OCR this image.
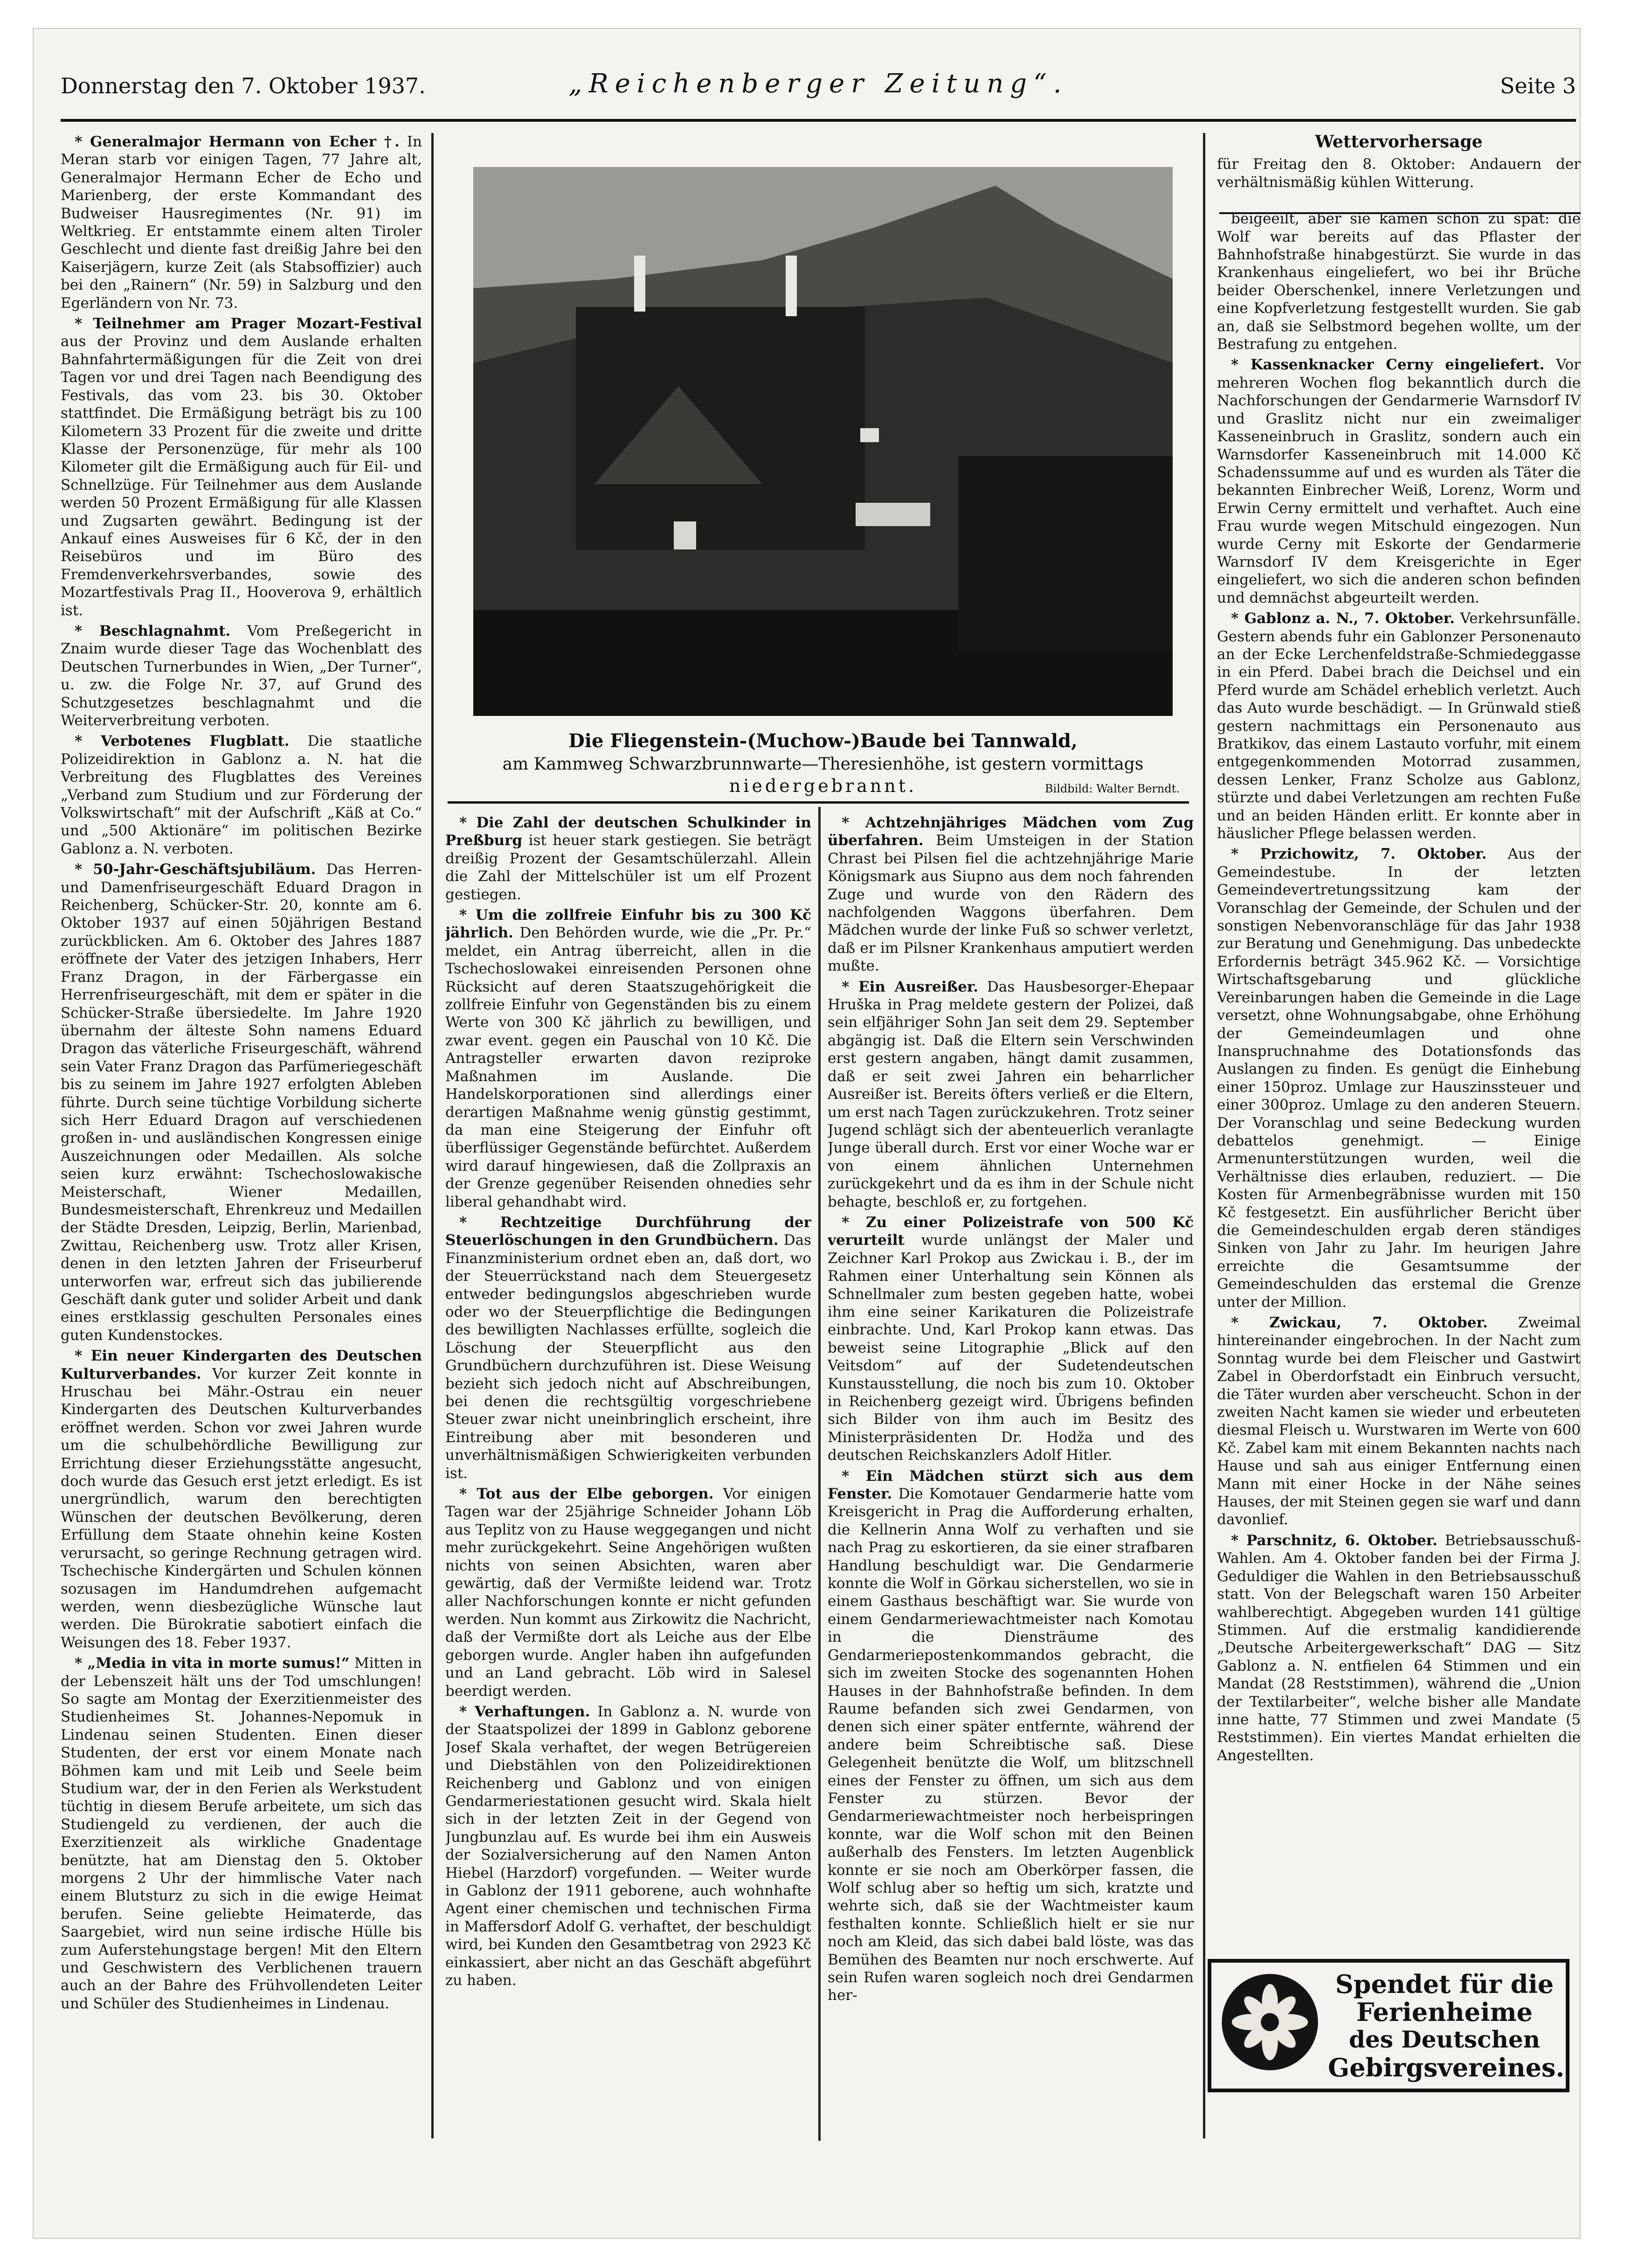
Donnerstag den 7. Oktober 1937.	„Reichenberger Zeitung“.	Seite 3

* Generalmajor Hermann von Echer †. In Meran starb vor einigen Tagen, 77 Jahre alt, Generalmajor Hermann Echer de Echo und Marienberg, der erste Kommandant des Budweiser Hausregimentes (Nr. 91) im Weltkrieg. Er entstammte einem alten Tiroler Geschlecht und diente fast dreißig Jahre bei den Kaiserjägern, kurze Zeit (als Stabsoffizier) auch bei den „Rainern“ (Nr. 59) in Salzburg und den Egerländern von Nr. 73.

* Teilnehmer am Prager Mozart-Festival aus der Provinz und dem Auslande erhalten Bahnfahrtermäßigungen für die Zeit von drei Tagen vor und drei Tagen nach Beendigung des Festivals, das vom 23. bis 30. Oktober stattfindet. Die Ermäßigung beträgt bis zu 100 Kilometern 33 Prozent für die zweite und dritte Klasse der Personenzüge, für mehr als 100 Kilometer gilt die Ermäßigung auch für Eil- und Schnellzüge. Für Teilnehmer aus dem Auslande werden 50 Prozent Ermäßigung für alle Klassen und Zugsarten gewährt. Bedingung ist der Ankauf eines Ausweises für 6 Kč, der in den Reisebüros und im Büro des Fremdenverkehrsverbandes, sowie des Mozartfestivals Prag II., Hooverova 9, erhältlich ist.

* Beschlagnahmt. Vom Preßegericht in Znaim wurde dieser Tage das Wochenblatt des Deutschen Turnerbundes in Wien, „Der Turner“, u. zw. die Folge Nr. 37, auf Grund des Schutzgesetzes beschlagnahmt und die Weiterverbreitung verboten.

* Verbotenes Flugblatt. Die staatliche Polizeidirektion in Gablonz a. N. hat die Verbreitung des Flugblattes des Vereines „Verband zum Studium und zur Förderung der Volkswirtschaft“ mit der Aufschrift „Käß at Co.“ und „500 Aktionäre“ im politischen Bezirke Gablonz a. N. verboten.

* 50-Jahr-Geschäftsjubiläum. Das Herren- und Damenfriseurgeschäft Eduard Dragon in Reichenberg, Schücker-Str. 20, konnte am 6. Oktober 1937 auf einen 50jährigen Bestand zurückblicken. Am 6. Oktober des Jahres 1887 eröffnete der Vater des jetzigen Inhabers, Herr Franz Dragon, in der Färbergasse ein Herrenfriseurgeschäft, mit dem er später in die Schücker-Straße übersiedelte. Im Jahre 1920 übernahm der älteste Sohn namens Eduard Dragon das väterliche Friseurgeschäft, während sein Vater Franz Dragon das Parfümeriegeschäft bis zu seinem im Jahre 1927 erfolgten Ableben führte. Durch seine tüchtige Vorbildung sicherte sich Herr Eduard Dragon auf verschiedenen großen in- und ausländischen Kongressen einige Auszeichnungen oder Medaillen. Als solche seien kurz erwähnt: Tschechoslowakische Meisterschaft, Wiener Medaillen, Bundesmeisterschaft, Ehrenkreuz und Medaillen der Städte Dresden, Leipzig, Berlin, Marienbad, Zwittau, Reichenberg usw. Trotz aller Krisen, denen in den letzten Jahren der Friseurberuf unterworfen war, erfreut sich das jubilierende Geschäft dank guter und solider Arbeit und dank eines erstklassig geschulten Personales eines guten Kundenstockes.

* Ein neuer Kindergarten des Deutschen Kulturverbandes. Vor kurzer Zeit konnte in Hruschau bei Mähr.-Ostrau ein neuer Kindergarten des Deutschen Kulturverbandes eröffnet werden. Schon vor zwei Jahren wurde um die schulbehördliche Bewilligung zur Errichtung dieser Erziehungsstätte angesucht, doch wurde das Gesuch erst jetzt erledigt. Es ist unergründlich, warum den berechtigten Wünschen der deutschen Bevölkerung, deren Erfüllung dem Staate ohnehin keine Kosten verursacht, so geringe Rechnung getragen wird. Tschechische Kindergärten und Schulen können sozusagen im Handumdrehen aufgemacht werden, wenn diesbezügliche Wünsche laut werden. Die Bürokratie sabotiert einfach die Weisungen des 18. Feber 1937.

* „Media in vita in morte sumus!“ Mitten in der Lebenszeit hält uns der Tod umschlungen! So sagte am Montag der Exerzitienmeister des Studienheimes St. Johannes-Nepomuk in Lindenau seinen Studenten. Einen dieser Studenten, der erst vor einem Monate nach Böhmen kam und mit Leib und Seele beim Studium war, der in den Ferien als Werkstudent tüchtig in diesem Berufe arbeitete, um sich das Studiengeld zu verdienen, der auch die Exerzitienzeit als wirkliche Gnadentage benützte, hat am Dienstag den 5. Oktober morgens 2 Uhr der himmlische Vater nach einem Blutsturz zu sich in die ewige Heimat berufen. Seine geliebte Heimaterde, das Saargebiet, wird nun seine irdische Hülle bis zum Auferstehungstage bergen! Mit den Eltern und Geschwistern des Verblichenen trauern auch an der Bahre des Frühvollendeten Leiter und Schüler des Studienheimes in Lindenau.

Die Fliegenstein-(Muchow-)Baude bei Tannwald,
am Kammweg Schwarzbrunnwarte—Theresienhöhe, ist gestern vormittags
niedergebrannt.	Bildbild: Walter Berndt.

* Die Zahl der deutschen Schulkinder in Preßburg ist heuer stark gestiegen. Sie beträgt dreißig Prozent der Gesamtschülerzahl. Allein die Zahl der Mittelschüler ist um elf Prozent gestiegen.

* Um die zollfreie Einfuhr bis zu 300 Kč jährlich. Den Behörden wurde, wie die „Pr. Pr.“ meldet, ein Antrag überreicht, allen in die Tschechoslowakei einreisenden Personen ohne Rücksicht auf deren Staatszugehörigkeit die zollfreie Einfuhr von Gegenständen bis zu einem Werte von 300 Kč jährlich zu bewilligen, und zwar event. gegen ein Pauschal von 10 Kč. Die Antragsteller erwarten davon reziproke Maßnahmen im Auslande. Die Handelskorporationen sind allerdings einer derartigen Maßnahme wenig günstig gestimmt, da man eine Steigerung der Einfuhr oft überflüssiger Gegenstände befürchtet. Außerdem wird darauf hingewiesen, daß die Zollpraxis an der Grenze gegenüber Reisenden ohnedies sehr liberal gehandhabt wird.

* Rechtzeitige Durchführung der Steuerlöschungen in den Grundbüchern. Das Finanzministerium ordnet eben an, daß dort, wo der Steuerrückstand nach dem Steuergesetz entweder bedingungslos abgeschrieben wurde oder wo der Steuerpflichtige die Bedingungen des bewilligten Nachlasses erfüllte, sogleich die Löschung der Steuerpflicht aus den Grundbüchern durchzuführen ist. Diese Weisung bezieht sich jedoch nicht auf Abschreibungen, bei denen die rechtsgültig vorgeschriebene Steuer zwar nicht uneinbringlich erscheint, ihre Eintreibung aber mit besonderen und unverhältnismäßigen Schwierigkeiten verbunden ist.

* Tot aus der Elbe geborgen. Vor einigen Tagen war der 25jährige Schneider Johann Löb aus Teplitz von zu Hause weggegangen und nicht mehr zurückgekehrt. Seine Angehörigen wußten nichts von seinen Absichten, waren aber gewärtig, daß der Vermißte leidend war. Trotz aller Nachforschungen konnte er nicht gefunden werden. Nun kommt aus Zirkowitz die Nachricht, daß der Vermißte dort als Leiche aus der Elbe geborgen wurde. Angler haben ihn aufgefunden und an Land gebracht. Löb wird in Salesel beerdigt werden.

* Verhaftungen. In Gablonz a. N. wurde von der Staatspolizei der 1899 in Gablonz geborene Josef Skala verhaftet, der wegen Betrügereien und Diebstählen von den Polizeidirektionen Reichenberg und Gablonz und von einigen Gendarmeriestationen gesucht wird. Skala hielt sich in der letzten Zeit in der Gegend von Jungbunzlau auf. Es wurde bei ihm ein Ausweis der Sozialversicherung auf den Namen Anton Hiebel (Harzdorf) vorgefunden. — Weiter wurde in Gablonz der 1911 geborene, auch wohnhafte Agent einer chemischen und technischen Firma in Maffersdorf Adolf G. verhaftet, der beschuldigt wird, bei Kunden den Gesamtbetrag von 2923 Kč einkassiert, aber nicht an das Geschäft abgeführt zu haben.

* Achtzehnjähriges Mädchen vom Zug überfahren. Beim Umsteigen in der Station Chrast bei Pilsen fiel die achtzehnjährige Marie Königsmark aus Siupno aus dem noch fahrenden Zuge und wurde von den Rädern des nachfolgenden Waggons überfahren. Dem Mädchen wurde der linke Fuß so schwer verletzt, daß er im Pilsner Krankenhaus amputiert werden mußte.

* Ein Ausreißer. Das Hausbesorger-Ehepaar Hruška in Prag meldete gestern der Polizei, daß sein elfjähriger Sohn Jan seit dem 29. September abgängig ist. Daß die Eltern sein Verschwinden erst gestern angaben, hängt damit zusammen, daß er seit zwei Jahren ein beharrlicher Ausreißer ist. Bereits öfters verließ er die Eltern, um erst nach Tagen zurückzukehren. Trotz seiner Jugend schlägt sich der abenteuerlich veranlagte Junge überall durch. Erst vor einer Woche war er von einem ähnlichen Unternehmen zurückgekehrt und da es ihm in der Schule nicht behagte, beschloß er, zu fortgehen.

* Zu einer Polizeistrafe von 500 Kč verurteilt wurde unlängst der Maler und Zeichner Karl Prokop aus Zwickau i. B., der im Rahmen einer Unterhaltung sein Können als Schnellmaler zum besten gegeben hatte, wobei ihm eine seiner Karikaturen die Polizeistrafe einbrachte. Und, Karl Prokop kann etwas. Das beweist seine Litographie „Blick auf den Veitsdom“ auf der Sudetendeutschen Kunstausstellung, die noch bis zum 10. Oktober in Reichenberg gezeigt wird. Übrigens befinden sich Bilder von ihm auch im Besitz des Ministerpräsidenten Dr. Hodža und des deutschen Reichskanzlers Adolf Hitler.

* Ein Mädchen stürzt sich aus dem Fenster. Die Komotauer Gendarmerie hatte vom Kreisgericht in Prag die Aufforderung erhalten, die Kellnerin Anna Wolf zu verhaften und sie nach Prag zu eskortieren, da sie einer strafbaren Handlung beschuldigt war. Die Gendarmerie konnte die Wolf in Görkau sicherstellen, wo sie in einem Gasthaus beschäftigt war. Sie wurde von einem Gendarmeriewachtmeister nach Komotau in die Diensträume des Gendarmeriepostenkommandos gebracht, die sich im zweiten Stocke des sogenannten Hohen Hauses in der Bahnhofstraße befinden. In dem Raume befanden sich zwei Gendarmen, von denen sich einer später entfernte, während der andere beim Schreibtische saß. Diese Gelegenheit benützte die Wolf, um blitzschnell eines der Fenster zu öffnen, um sich aus dem Fenster zu stürzen. Bevor der Gendarmeriewachtmeister noch herbeispringen konnte, war die Wolf schon mit den Beinen außerhalb des Fensters. Im letzten Augenblick konnte er sie noch am Oberkörper fassen, die Wolf schlug aber so heftig um sich, kratzte und wehrte sich, daß sie der Wachtmeister kaum festhalten konnte. Schließlich hielt er sie nur noch am Kleid, das sich dabei bald löste, was das Bemühen des Beamten nur noch erschwerte. Auf sein Rufen waren sogleich noch drei Gendarmen her-

Wettervorhersage

für Freitag den 8. Oktober: Andauern der verhältnismäßig kühlen Witterung.

beigeeilt, aber sie kamen schon zu spät: die Wolf war bereits auf das Pflaster der Bahnhofstraße hinabgestürzt. Sie wurde in das Krankenhaus eingeliefert, wo bei ihr Brüche beider Oberschenkel, innere Verletzungen und eine Kopfverletzung festgestellt wurden. Sie gab an, daß sie Selbstmord begehen wollte, um der Bestrafung zu entgehen.

* Kassenknacker Cerny eingeliefert. Vor mehreren Wochen flog bekanntlich durch die Nachforschungen der Gendarmerie Warnsdorf IV und Graslitz nicht nur ein zweimaliger Kasseneinbruch in Graslitz, sondern auch ein Warnsdorfer Kasseneinbruch mit 14.000 Kč Schadenssumme auf und es wurden als Täter die bekannten Einbrecher Weiß, Lorenz, Worm und Erwin Cerny ermittelt und verhaftet. Auch eine Frau wurde wegen Mitschuld eingezogen. Nun wurde Cerny mit Eskorte der Gendarmerie Warnsdorf IV dem Kreisgerichte in Eger eingeliefert, wo sich die anderen schon befinden und demnächst abgeurteilt werden.

* Gablonz a. N., 7. Oktober. Verkehrsunfälle. Gestern abends fuhr ein Gablonzer Personenauto an der Ecke Lerchenfeldstraße-Schmiedeggasse in ein Pferd. Dabei brach die Deichsel und ein Pferd wurde am Schädel erheblich verletzt. Auch das Auto wurde beschädigt. — In Grünwald stieß gestern nachmittags ein Personenauto aus Bratkikov, das einem Lastauto vorfuhr, mit einem entgegenkommenden Motorrad zusammen, dessen Lenker, Franz Scholze aus Gablonz, stürzte und dabei Verletzungen am rechten Fuße und an beiden Händen erlitt. Er konnte aber in häuslicher Pflege belassen werden.

* Przichowitz, 7. Oktober. Aus der Gemeindestube. In der letzten Gemeindevertretungssitzung kam der Voranschlag der Gemeinde, der Schulen und der sonstigen Nebenvoranschläge für das Jahr 1938 zur Beratung und Genehmigung. Das unbedeckte Erfordernis beträgt 345.962 Kč. — Vorsichtige Wirtschaftsgebarung und glückliche Vereinbarungen haben die Gemeinde in die Lage versetzt, ohne Wohnungsabgabe, ohne Erhöhung der Gemeindeumlagen und ohne Inanspruchnahme des Dotationsfonds das Auslangen zu finden. Es genügt die Einhebung einer 150proz. Umlage zur Hauszinssteuer und einer 300proz. Umlage zu den anderen Steuern. Der Voranschlag und seine Bedeckung wurden debattelos genehmigt. — Einige Armenunterstützungen wurden, weil die Verhältnisse dies erlauben, reduziert. — Die Kosten für Armenbegräbnisse wurden mit 150 Kč festgesetzt. Ein ausführlicher Bericht über die Gemeindeschulden ergab deren ständiges Sinken von Jahr zu Jahr. Im heurigen Jahre erreichte die Gesamtsumme der Gemeindeschulden das erstemal die Grenze unter der Million.

* Zwickau, 7. Oktober. Zweimal hintereinander eingebrochen. In der Nacht zum Sonntag wurde bei dem Fleischer und Gastwirt Zabel in Oberdorfstadt ein Einbruch versucht, die Täter wurden aber verscheucht. Schon in der zweiten Nacht kamen sie wieder und erbeuteten diesmal Fleisch u. Wurstwaren im Werte von 600 Kč. Zabel kam mit einem Bekannten nachts nach Hause und sah aus einiger Entfernung einen Mann mit einer Hocke in der Nähe seines Hauses, der mit Steinen gegen sie warf und dann davonlief.

* Parschnitz, 6. Oktober. Betriebsausschuß-Wahlen. Am 4. Oktober fanden bei der Firma J. Geduldiger die Wahlen in den Betriebsausschuß statt. Von der Belegschaft waren 150 Arbeiter wahlberechtigt. Abgegeben wurden 141 gültige Stimmen. Auf die erstmalig kandidierende „Deutsche Arbeitergewerkschaft“ DAG — Sitz Gablonz a. N. entfielen 64 Stimmen und ein Mandat (28 Reststimmen), während die „Union der Textilarbeiter“, welche bisher alle Mandate inne hatte, 77 Stimmen und zwei Mandate (5 Reststimmen). Ein viertes Mandat erhielten die Angestellten.

Spendet für die
Ferienheime
des Deutschen
Gebirgsvereines.
